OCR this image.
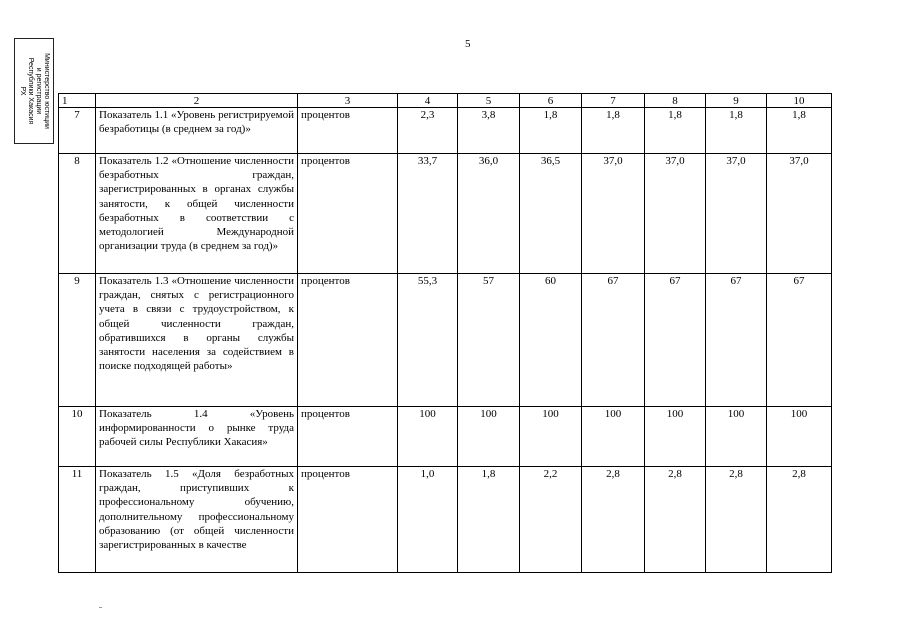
5
Министерство юстиции
и регистрации
Республики Хакасия
РХ
1	2	3	4	5	6	7	8	9	10
7	Показатель 1.1 «Уровень регистрируемой безработицы (в среднем за год)»	процентов	2,3	3,8	1,8	1,8	1,8	1,8	1,8
8	Показатель 1.2 «Отношение численности безработных граждан, зарегистрированных в органах службы занятости, к общей численности безработных в соответствии с методологией Международной организации труда (в среднем за год)»	процентов	33,7	36,0	36,5	37,0	37,0	37,0	37,0
9	Показатель 1.3 «Отношение численности граждан, снятых с регистрационного учета в связи с трудоустройством, к общей численности граждан, обратившихся в органы службы занятости населения за содействием в поиске подходящей работы»	процентов	55,3	57	60	67	67	67	67
10	Показатель 1.4 «Уровень информированности о рынке труда рабочей силы Республики Хакасия»	процентов	100	100	100	100	100	100	100
11	Показатель 1.5 «Доля безработных граждан, приступивших к профессиональному обучению, дополнительному профессиональному образованию (от общей численности зарегистрированных в качестве	процентов	1,0	1,8	2,2	2,8	2,8	2,8	2,8
